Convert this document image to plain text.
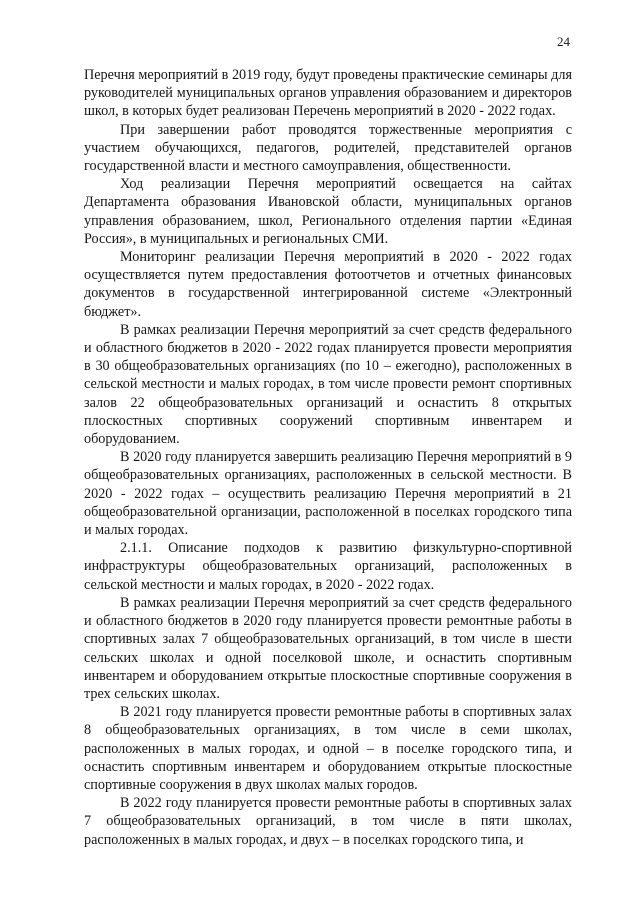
24

Перечня мероприятий в 2019 году, будут проведены практические семинары для руководителей муниципальных органов управления образованием и директоров школ, в которых будет реализован Перечень мероприятий в 2020 - 2022 годах.

При завершении работ проводятся торжественные мероприятия с участием обучающихся, педагогов, родителей, представителей органов государственной власти и местного самоуправления, общественности.

Ход реализации Перечня мероприятий освещается на сайтах Департамента образования Ивановской области, муниципальных органов управления образованием, школ, Регионального отделения партии «Единая Россия», в муниципальных и региональных СМИ.

Мониторинг реализации Перечня мероприятий в 2020 - 2022 годах осуществляется путем предоставления фотоотчетов и отчетных финансовых документов в государственной интегрированной системе «Электронный бюджет».

В рамках реализации Перечня мероприятий за счет средств федерального и областного бюджетов в 2020 - 2022 годах планируется провести мероприятия в 30 общеобразовательных организациях (по 10 – ежегодно), расположенных в сельской местности и малых городах, в том числе провести ремонт спортивных залов 22 общеобразовательных организаций и оснастить 8 открытых плоскостных спортивных сооружений спортивным инвентарем и оборудованием.

В 2020 году планируется завершить реализацию Перечня мероприятий в 9 общеобразовательных организациях, расположенных в сельской местности. В 2020 - 2022 годах – осуществить реализацию Перечня мероприятий в 21 общеобразовательной организации, расположенной в поселках городского типа и малых городах.

2.1.1. Описание подходов к развитию физкультурно-спортивной инфраструктуры общеобразовательных организаций, расположенных в сельской местности и малых городах, в 2020 - 2022 годах.

В рамках реализации Перечня мероприятий за счет средств федерального и областного бюджетов в 2020 году планируется провести ремонтные работы в спортивных залах 7 общеобразовательных организаций, в том числе в шести сельских школах и одной поселковой школе, и оснастить спортивным инвентарем и оборудованием открытые плоскостные спортивные сооружения в трех сельских школах.

В 2021 году планируется провести ремонтные работы в спортивных залах 8 общеобразовательных организациях, в том числе в семи школах, расположенных в малых городах, и одной – в поселке городского типа, и оснастить спортивным инвентарем и оборудованием открытые плоскостные спортивные сооружения в двух школах малых городов.

В 2022 году планируется провести ремонтные работы в спортивных залах 7 общеобразовательных организаций, в том числе в пяти школах, расположенных в малых городах, и двух – в поселках городского типа, и
